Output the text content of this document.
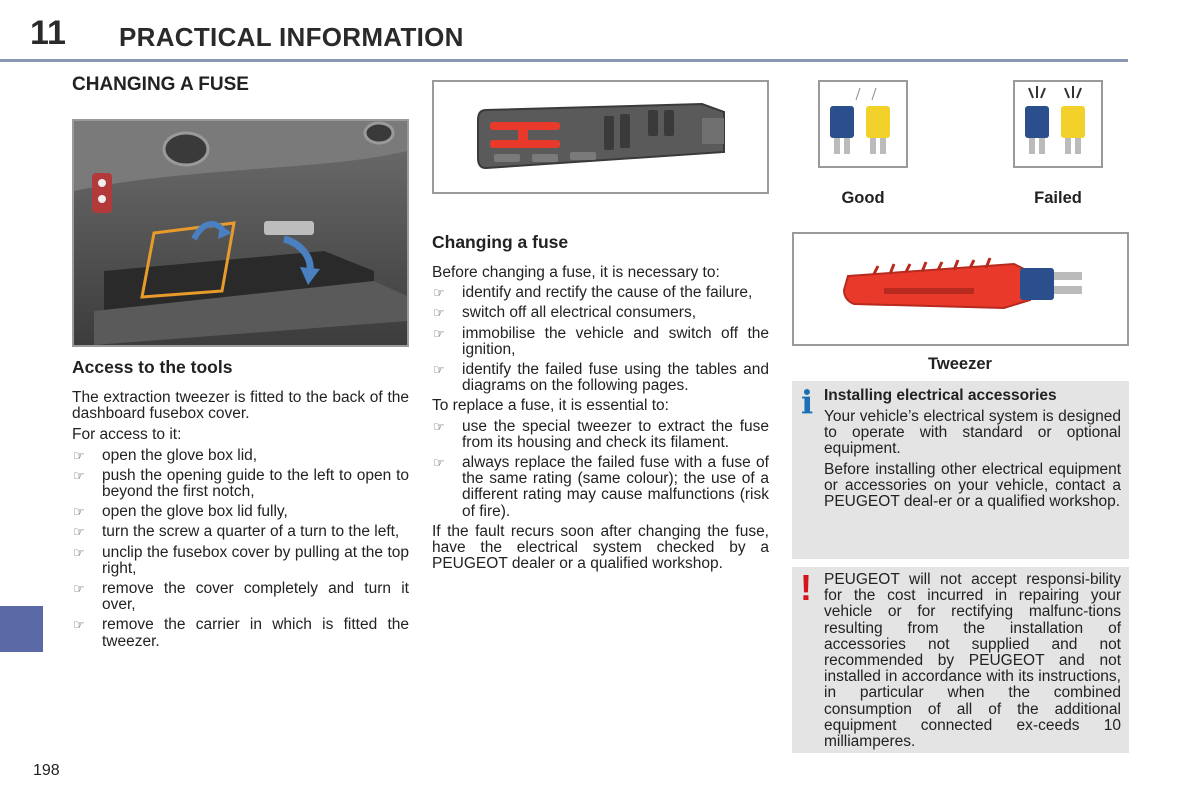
11 PRACTICAL INFORMATION
198
CHANGING A FUSE
Access to the tools

The extraction tweezer is fitted to the back of the dashboard fusebox cover.

For access to it:

☞ open the glove box lid,
☞ push the opening guide to the left to open to beyond the first notch,
☞ open the glove box lid fully,
☞ turn the screw a quarter of a turn to the left,
☞ unclip the fusebox cover by pulling at the top right,
☞ remove the cover completely and turn it over,
☞ remove the carrier in which is fitted the tweezer.
Changing a fuse

Before changing a fuse, it is necessary to:

☞ identify and rectify the cause of the failure,
☞ switch off all electrical consumers,
☞ immobilise the vehicle and switch off the ignition,
☞ identify the failed fuse using the tables and diagrams on the following pages.

To replace a fuse, it is essential to:

☞ use the special tweezer to extract the fuse from its housing and check its filament.
☞ always replace the failed fuse with a fuse of the same rating (same colour); the use of a different rating may cause malfunctions (risk of fire).

If the fault recurs soon after changing the fuse, have the electrical system checked by a PEUGEOT dealer or a qualified workshop.

Good	Failed
Tweezer
i Installing electrical accessories

Your vehicle’s electrical system is designed to operate with standard or optional equipment.

Before installing other electrical equipment or accessories on your vehicle, contact a PEUGEOT deal-er or a qualified workshop.

! PEUGEOT will not accept responsi-bility for the cost incurred in repairing your vehicle or for rectifying malfunc-tions resulting from the installation of accessories not supplied and not recommended by PEUGEOT and not installed in accordance with its instructions, in particular when the combined consumption of all of the additional equipment connected ex-ceeds 10 milliamperes.
